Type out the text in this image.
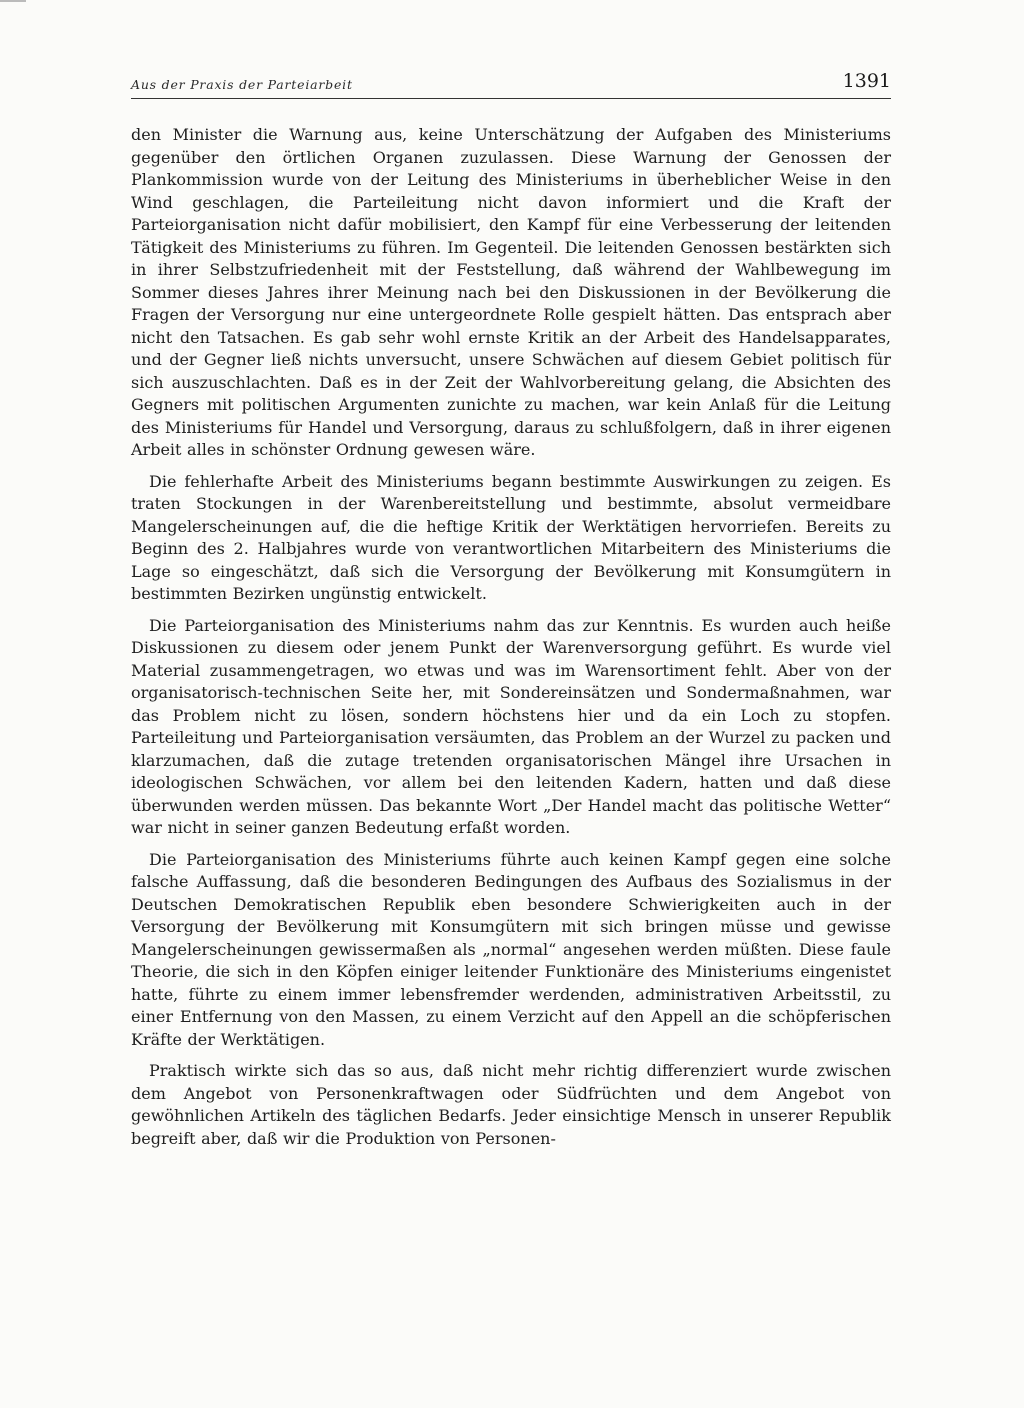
Aus der Praxis der Parteiarbeit	1391

den Minister die Warnung aus, keine Unterschätzung der Aufgaben des Ministeriums gegenüber den örtlichen Organen zuzulassen. Diese Warnung der Genossen der Plankommission wurde von der Leitung des Ministeriums in überheblicher Weise in den Wind geschlagen, die Parteileitung nicht davon informiert und die Kraft der Parteiorganisation nicht dafür mobilisiert, den Kampf für eine Verbesserung der leitenden Tätigkeit des Ministeriums zu führen. Im Gegenteil. Die leitenden Genossen bestärkten sich in ihrer Selbstzufriedenheit mit der Feststellung, daß während der Wahlbewegung im Sommer dieses Jahres ihrer Meinung nach bei den Diskussionen in der Bevölkerung die Fragen der Versorgung nur eine untergeordnete Rolle gespielt hätten. Das entsprach aber nicht den Tatsachen. Es gab sehr wohl ernste Kritik an der Arbeit des Handelsapparates, und der Gegner ließ nichts unversucht, unsere Schwächen auf diesem Gebiet politisch für sich auszuschlachten. Daß es in der Zeit der Wahlvorbereitung gelang, die Absichten des Gegners mit politischen Argumenten zunichte zu machen, war kein Anlaß für die Leitung des Ministeriums für Handel und Versorgung, daraus zu schlußfolgern, daß in ihrer eigenen Arbeit alles in schönster Ordnung gewesen wäre.

Die fehlerhafte Arbeit des Ministeriums begann bestimmte Auswirkungen zu zeigen. Es traten Stockungen in der Warenbereitstellung und bestimmte, absolut vermeidbare Mangelerscheinungen auf, die die heftige Kritik der Werktätigen hervorriefen. Bereits zu Beginn des 2. Halbjahres wurde von verantwortlichen Mitarbeitern des Ministeriums die Lage so eingeschätzt, daß sich die Versorgung der Bevölkerung mit Konsumgütern in bestimmten Bezirken ungünstig entwickelt.

Die Parteiorganisation des Ministeriums nahm das zur Kenntnis. Es wurden auch heiße Diskussionen zu diesem oder jenem Punkt der Warenversorgung geführt. Es wurde viel Material zusammengetragen, wo etwas und was im Warensortiment fehlt. Aber von der organisatorisch-technischen Seite her, mit Sondereinsätzen und Sondermaßnahmen, war das Problem nicht zu lösen, sondern höchstens hier und da ein Loch zu stopfen. Parteileitung und Parteiorganisation versäumten, das Problem an der Wurzel zu packen und klarzumachen, daß die zutage tretenden organisatorischen Mängel ihre Ursachen in ideologischen Schwächen, vor allem bei den leitenden Kadern, hatten und daß diese überwunden werden müssen. Das bekannte Wort „Der Handel macht das politische Wetter“ war nicht in seiner ganzen Bedeutung erfaßt worden.

Die Parteiorganisation des Ministeriums führte auch keinen Kampf gegen eine solche falsche Auffassung, daß die besonderen Bedingungen des Aufbaus des Sozialismus in der Deutschen Demokratischen Republik eben besondere Schwierigkeiten auch in der Versorgung der Bevölkerung mit Konsumgütern mit sich bringen müsse und gewisse Mangelerscheinungen gewissermaßen als „normal“ angesehen werden müßten. Diese faule Theorie, die sich in den Köpfen einiger leitender Funktionäre des Ministeriums eingenistet hatte, führte zu einem immer lebensfremder werdenden, administrativen Arbeitsstil, zu einer Entfernung von den Massen, zu einem Verzicht auf den Appell an die schöpferischen Kräfte der Werktätigen.

Praktisch wirkte sich das so aus, daß nicht mehr richtig differenziert wurde zwischen dem Angebot von Personenkraftwagen oder Südfrüchten und dem Angebot von gewöhnlichen Artikeln des täglichen Bedarfs. Jeder einsichtige Mensch in unserer Republik begreift aber, daß wir die Produktion von Personen-
